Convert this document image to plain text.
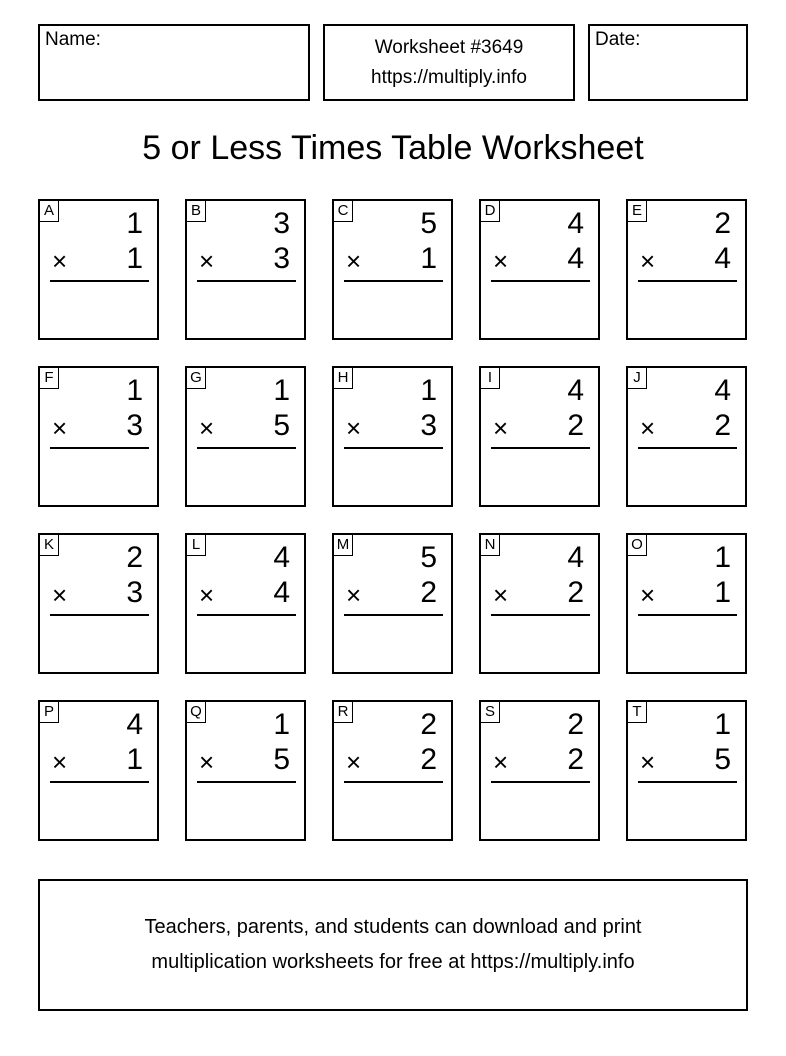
Name:	Worksheet #3649
https://multiply.info
Date:
5 or Less Times Table Worksheet
A 1
× 1
B 3
× 3
C 5
× 1
D 4
× 4
E 2
× 4
F 1
× 3
G 1
× 5
H 1
× 3
I	4
× 2
J 4
× 2
K 2
× 3
L 4
× 4
M 5
× 2
N 4
× 2
O 1
× 1
P 4
× 1
Q 1
× 5
R 2
× 2
S 2
× 2
T 1
× 5
Teachers, parents, and students can download and print
multiplication worksheets for free at https://multiply.info
